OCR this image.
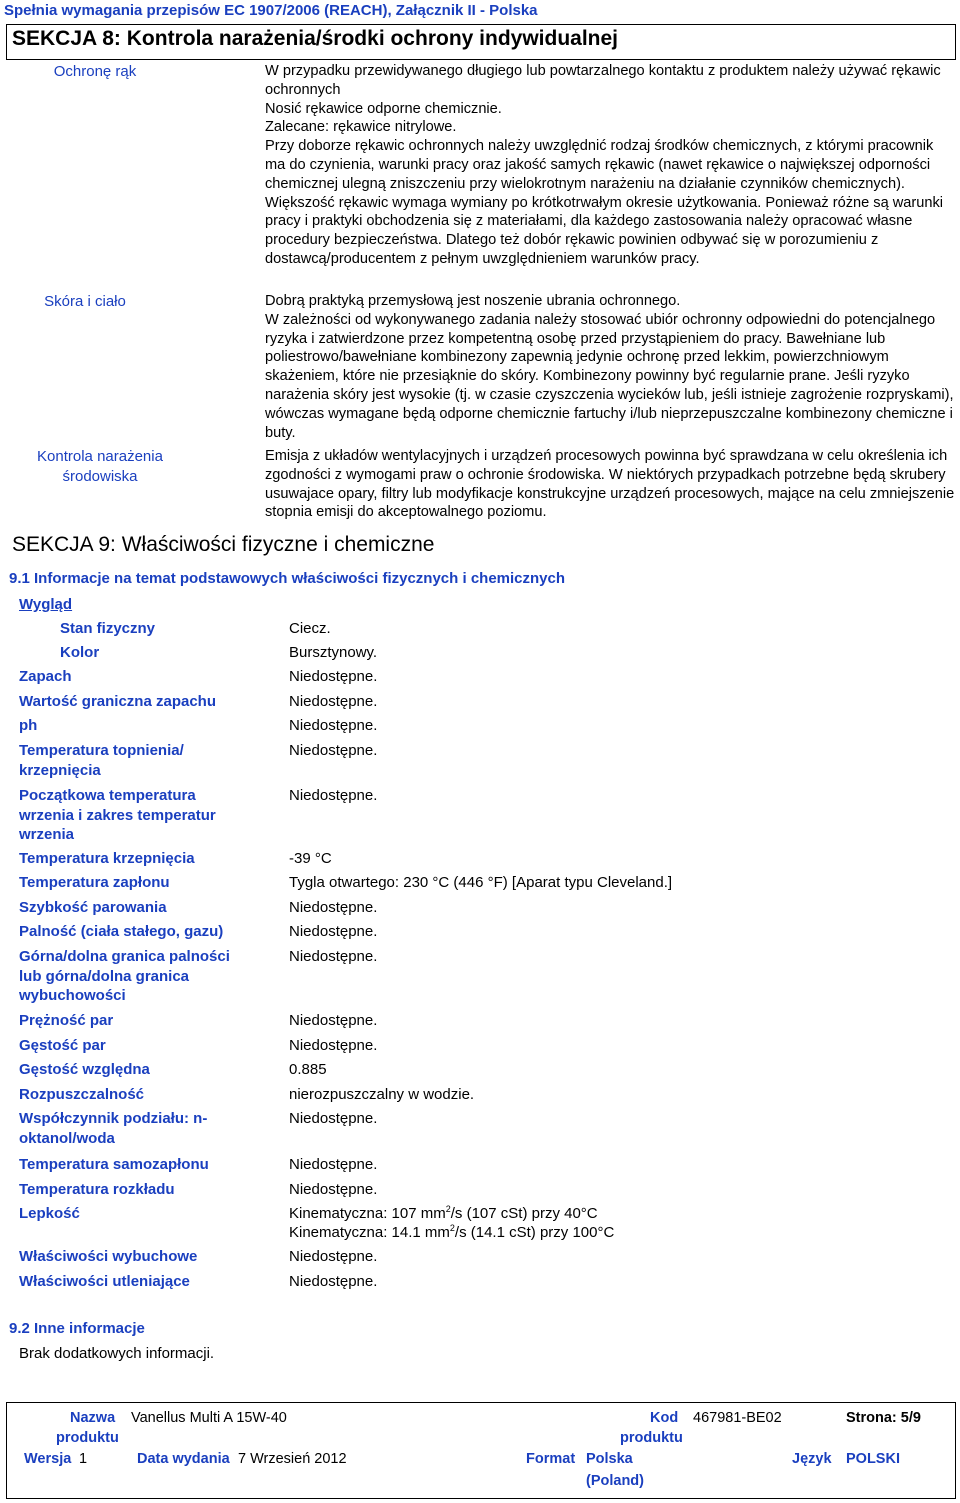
Spełnia wymagania przepisów EC 1907/2006 (REACH), Załącznik II - Polska
SEKCJA 8: Kontrola narażenia/środki ochrony indywidualnej
Ochronę rąk	W przypadku przewidywanego długiego lub powtarzalnego kontaktu z produktem należy używać rękawic ochronnych

Nosić rękawice odporne chemicznie.

Zalecane: rękawice nitrylowe.

Przy doborze rękawic ochronnych należy uwzględnić rodzaj środków chemicznych, z którymi pracownik ma do czynienia, warunki pracy oraz jakość samych rękawic (nawet rękawice o największej odporności chemicznej ulegną zniszczeniu przy wielokrotnym narażeniu na działanie czynników chemicznych). Większość rękawic wymaga wymiany po krótkotrwałym okresie użytkowania. Ponieważ różne są warunki pracy i praktyki obchodzenia się z materiałami, dla każdego zastosowania należy opracować własne procedury bezpieczeństwa. Dlatego też dobór rękawic powinien odbywać się w porozumieniu z dostawcą/producentem z pełnym uwzględnieniem warunków pracy.

Skóra i ciało	Dobrą praktyką przemysłową jest noszenie ubrania ochronnego.

W zależności od wykonywanego zadania należy stosować ubiór ochronny odpowiedni do potencjalnego ryzyka i zatwierdzone przez kompetentną osobę przed przystąpieniem do pracy. Bawełniane lub poliestrowo/bawełniane kombinezony zapewnią jedynie ochronę przed lekkim, powierzchniowym skażeniem, które nie przesiąknie do skóry. Kombinezony powinny być regularnie prane. Jeśli ryzyko narażenia skóry jest wysokie (tj. w czasie czyszczenia wycieków lub, jeśli istnieje zagrożenie rozpryskami), wówczas wymagane będą odporne chemicznie fartuchy i/lub nieprzepuszczalne kombinezony chemiczne i buty.

Kontrola narażenia środowiska

Emisja z układów wentylacyjnych i urządzeń procesowych powinna być sprawdzana w celu określenia ich zgodności z wymogami praw o ochronie środowiska. W niektórych przypadkach potrzebne będą skrubery usuwajace opary, filtry lub modyfikacje konstrukcyjne urządzeń procesowych, mające na celu zmniejszenie stopnia emisji do akceptowalnego poziomu.

SEKCJA 9: Właściwości fizyczne i chemiczne
9.1 Informacje na temat podstawowych właściwości fizycznych i chemicznych
Wygląd
Stan fizyczny	Ciecz.
Kolor	Bursztynowy.
Zapach	Niedostępne.
Wartość graniczna zapachu	Niedostępne.
ph	Niedostępne.
Temperatura topnienia/ krzepnięcia
Niedostępne.
Początkowa temperatura wrzenia i zakres temperatur wrzenia
Niedostępne.
Temperatura krzepnięcia	-39 °C
Temperatura zapłonu	Tygla otwartego: 230 °C (446 °F) [Aparat typu Cleveland.]
Szybkość parowania	Niedostępne.
Palność (ciała stałego, gazu)	Niedostępne.
Górna/dolna granica palności lub górna/dolna granica wybuchowości
Niedostępne.
Prężność par	Niedostępne.
Gęstość par	Niedostępne.
Gęstość względna	0.885
Rozpuszczalność	nierozpuszczalny w wodzie.
Współczynnik podziału: n-oktanol/woda
Niedostępne.
Temperatura samozapłonu	Niedostępne.
Temperatura rozkładu	Niedostępne.
Lepkość	Kinematyczna: 107 $mm^2/s$ (107 cSt) przy 40°C
Kinematyczna: 14.1 $mm^2/s$ (14.1 cSt) przy 100°C
Właściwości wybuchowe	Niedostępne.
Właściwości utleniające	Niedostępne.
9.2 Inne informacje
Brak dodatkowych informacji.
Nazwa
produktu
Vanellus Multi A 15W-40	Kod
produktu
467981-BE02	Strona: 5/9
Wersja 1	Data wydania 7 Wrzesień 2012	Format Polska
(Poland)
Język POLSKI
